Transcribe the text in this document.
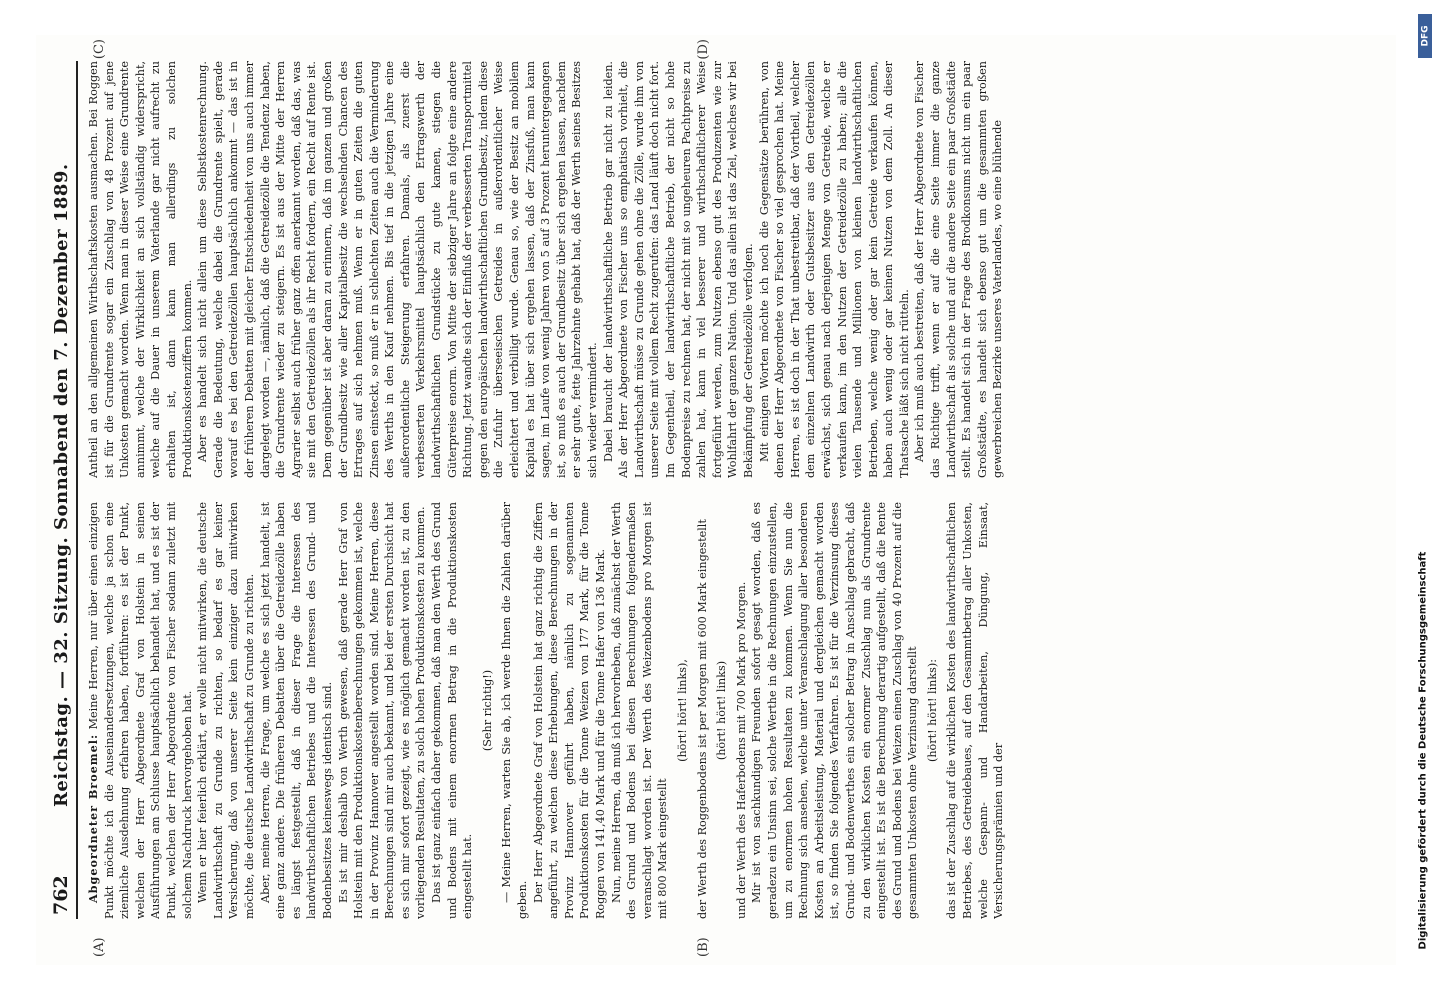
762
Reichstag. — 32. Sitzung. Sonnabend den 7. Dezember 1889.
(A)	(B)
(C)	(D)

Abgeordneter Broemel: Meine Herren, nur über einen einzigen Punkt möchte ich die Auseinandersetzungen, welche ja schon eine ziemliche Ausdehnung erfahren haben, fortführen: es ist der Punkt, welchen der Herr Abgeordnete Graf von Holstein in seinen Ausführungen am Schlusse hauptsächlich behandelt hat, und es ist der Punkt, welchen der Herr Abgeordnete von Fischer sodann zuletzt mit solchem Nachdruck hervorgehoben hat. Wenn er hier feierlich erklärt, er wolle nicht mitwirken, die deutsche Landwirthschaft zu Grunde zu richten, so bedarf es gar keiner Versicherung, daß von unserer Seite kein einziger dazu mitwirken möchte, die deutsche Landwirthschaft zu Grunde zu richten. Aber, meine Herren, die Frage, um welche es sich jetzt handelt, ist eine ganz andere. Die früheren Debatten über die Getreidezölle haben es längst festgestellt, daß in dieser Frage die Interessen des landwirthschaftlichen Betriebes und die Interessen des Grund- und Bodenbesitzes keineswegs identisch sind. Es ist mir deshalb von Werth gewesen, daß gerade Herr Graf von Holstein mit den Produktionskostenberechnungen gekommen ist, welche in der Provinz Hannover angestellt worden sind. Meine Herren, diese Berechnungen sind mir auch bekannt, und bei der ersten Durchsicht hat es sich mir sofort gezeigt, wie es möglich gemacht worden ist, zu den vorliegenden Resultaten, zu solch hohen Produktionskosten zu kommen. Das ist ganz einfach daher gekommen, daß man den Werth des Grund und Bodens mit einem enormen Betrag in die Produktionskosten eingestellt hat.

(Sehr richtig!) — Meine Herren, warten Sie ab, ich werde Ihnen die Zahlen darüber geben. Der Herr Abgeordnete Graf von Holstein hat ganz richtig die Ziffern angeführt, zu welchen diese Erhebungen, diese Berechnungen in der Provinz Hannover geführt haben, nämlich zu sogenannten Produktionskosten für die Tonne Weizen von 177 Mark, für die Tonne Roggen von 141,40 Mark und für die Tonne Hafer von 136 Mark. Nun, meine Herren, da muß ich hervorheben, daß zunächst der Werth des Grund und Bodens bei diesen Berechnungen folgendermaßen veranschlagt worden ist. Der Werth des Weizenbodens pro Morgen ist mit 800 Mark eingestellt

(hört! hört! links), der Werth des Roggenbodens ist per Morgen mit 600 Mark eingestellt (hört! hört! links) und der Werth des Haferbodens mit 700 Mark pro Morgen. Mir ist von sachkundigen Freunden sofort gesagt worden, daß es geradezu ein Unsinn sei, solche Werthe in die Rechnungen einzustellen, um zu enormen hohen Resultaten zu kommen. Wenn Sie nun die Rechnung sich ansehen, welche unter Veranschlagung aller besonderen Kosten an Arbeitsleistung, Material und dergleichen gemacht worden ist, so finden Sie folgendes Verfahren. Es ist für die Verzinsung dieses Grund- und Bodenwerthes ein solcher Betrag in Anschlag gebracht, daß zu den wirklichen Kosten ein enormer Zuschlag nun als Grundrente eingestellt ist. Es ist die Berechnung derartig aufgestellt, daß die Rente des Grund und Bodens bei Weizen einen Zuschlag von 40 Prozent auf die gesammten Unkosten ohne Verzinsung darstellt (hört! hört! links): das ist der Zuschlag auf die wirklichen Kosten des landwirthschaftlichen Betriebes, des Getreidebaues, auf den Gesammtbetrag aller Unkosten, welche Gespann- und Handarbeiten, Düngung, Einsaat, Versicherungsprämien und der

Antheil an den allgemeinen Wirthschaftskosten ausmachen. Bei Roggen ist für die Grundrente sogar ein Zuschlag von 48 Prozent auf jene Unkosten gemacht worden. Wenn man in dieser Weise eine Grundrente annimmt, welche der Wirklichkeit an sich vollständig widerspricht, welche auf die Dauer in unserem Vaterlande gar nicht aufrecht zu erhalten ist, dann kann man allerdings zu solchen Produktionskostenziffern kommen. Aber es handelt sich nicht allein um diese Selbstkostenrechnung. Gerade die Bedeutung, welche dabei die Grundrente spielt, gerade worauf es bei den Getreidezöllen hauptsächlich ankommt — das ist in der früheren Debatten mit gleicher Entschiedenheit von uns auch immer dargelegt worden —, nämlich, daß die Getreidezölle die Tendenz haben, die Grundrente wieder zu steigern. Es ist aus der Mitte der Herren Agrarier selbst auch früher ganz offen anerkannt worden, daß das, was sie mit den Getreidezöllen als ihr Recht fordern, ein Recht auf Rente ist. Dem gegenüber ist aber daran zu erinnern, daß im ganzen und großen der Grundbesitz wie aller Kapitalbesitz die wechselnden Chancen des Ertrages auf sich nehmen muß. Wenn er in guten Zeiten die guten Zinsen einsteckt, so muß er in schlechten Zeiten auch die Verminderung des Werths in den Kauf nehmen. Bis tief in die jetzigen Jahre eine außerordentliche Steigerung erfahren. Damals, als zuerst die verbesserten Verkehrsmittel hauptsächlich den Ertragswerth der landwirthschaftlichen Grundstücke zu gute kamen, stiegen die Güterpreise enorm. Von Mitte der siebziger Jahre an folgte eine andere Richtung. Jetzt wandte sich der Einfluß der verbesserten Transportmittel gegen den europäischen landwirthschaftlichen Grundbesitz, indem diese die Zufuhr überseeischen Getreides in außerordentlicher Weise erleichtert und verbilligt wurde. Genau so, wie der Besitz an mobilem Kapital es hat über sich ergehen lassen, daß der Zinsfuß, man kann sagen, im Laufe von wenig Jahren von 5 auf 3 Prozent heruntergegangen ist, so muß es auch der Grundbesitz über sich ergehen lassen, nachdem er sehr gute, fette Jahrzehnte gehabt hat, daß der Werth seines Besitzes sich wieder vermindert. Dabei braucht der landwirthschaftliche Betrieb gar nicht zu leiden. Als der Herr Abgeordnete von Fischer uns so emphatisch vorhielt, die Landwirthschaft müsse zu Grunde gehen ohne die Zölle, wurde ihm von unserer Seite mit vollem Recht zugerufen: das Land läuft doch nicht fort. Im Gegentheil, der landwirthschaftliche Betrieb, der nicht so hohe Bodenpreise zu rechnen hat, der nicht mit so ungeheuren Pachtpreise zu zahlen hat, kann in viel besserer und wirthschaftlicherer Weise fortgeführt werden, zum Nutzen ebenso gut des Produzenten wie zur Wohlfahrt der ganzen Nation. Und das allein ist das Ziel, welches wir bei Bekämpfung der Getreidezölle verfolgen. Mit einigen Worten möchte ich noch die Gegensätze berühren, von denen der Herr Abgeordnete von Fischer so viel gesprochen hat. Meine Herren, es ist doch in der That unbestreitbar, daß der Vortheil, welcher dem einzelnen Landwirth oder Gutsbesitzer aus den Getreidezöllen erwächst, sich genau nach derjenigen Menge von Getreide, welche er verkaufen kann, im den Nutzen der Getreidezölle zu haben; alle die vielen Tausende und Millionen von kleinen landwirthschaftlichen Betrieben, welche wenig oder gar kein Getreide verkaufen können, haben auch wenig oder gar keinen Nutzen von dem Zoll. An dieser Thatsache läßt sich nicht rütteln. Aber ich muß auch bestreiten, daß der Herr Abgeordnete von Fischer das Richtige trifft, wenn er auf die eine Seite immer die ganze Landwirthschaft als solche und auf die andere Seite ein paar Großstädte stellt. Es handelt sich in der Frage des Brodkonsums nicht um ein paar Großstädte, es handelt sich ebenso gut um die gesammten großen gewerbreichen Bezirke unseres Vaterlandes, wo eine blühende

DFG
Digitalisierung gefördert durch die Deutsche Forschungsgemeinschaft
